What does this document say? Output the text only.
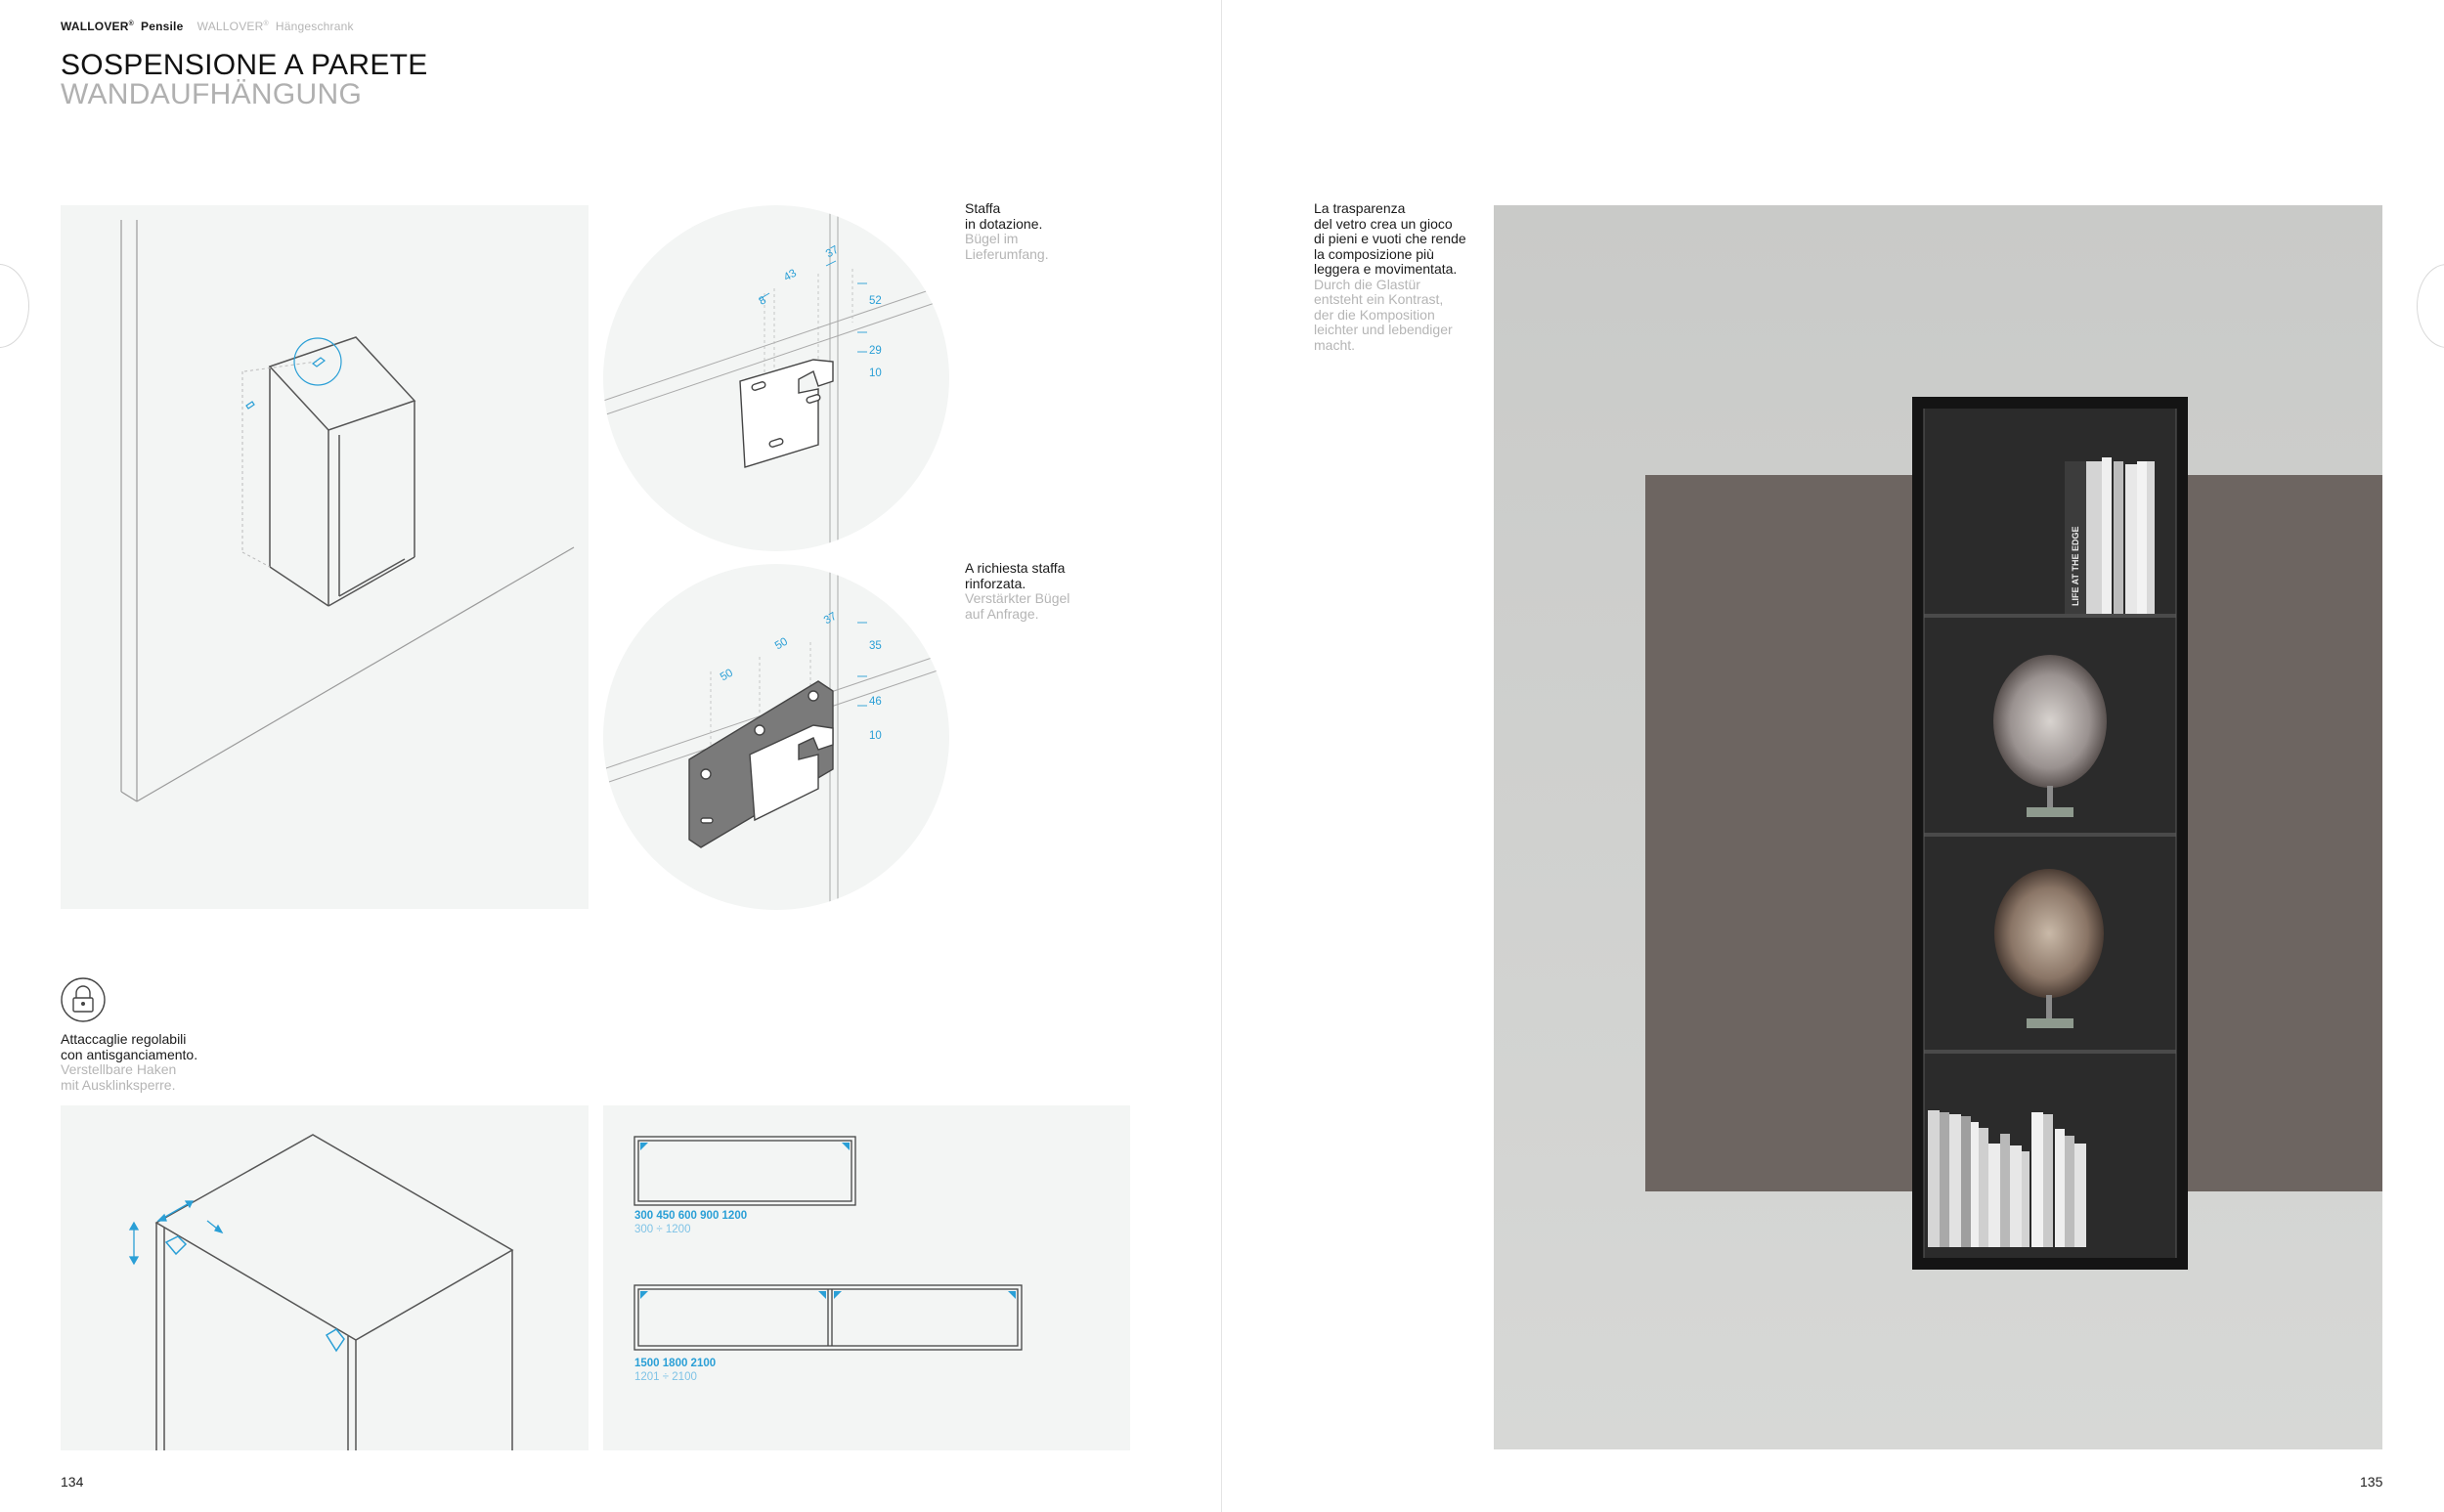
WALLOVER® Pensile WALLOVER® Hängeschrank
SOSPENSIONE A PARETE
WANDAUFHÄNGUNG
8
43
37
52
29
10
50
50
37
35
46
10
Staffa
in dotazione.
Bügel im
Lieferumfang.
A richiesta staffa
rinforzata.
Verstärkter Bügel
auf Anfrage.
Attaccaglie regolabili
con antisganciamento.
Verstellbare Haken
mit Ausklinksperre.
300 450 600 900 1200
300 ÷ 1200
1500 1800 2100
1201 ÷ 2100
La trasparenza
del vetro crea un gioco
di pieni e vuoti che rende
la composizione più
leggera e movimentata.
Durch die Glastür
entsteht ein Kontrast,
der die Komposition
leichter und lebendiger
macht.
LIFE AT THE EDGE
134	135
